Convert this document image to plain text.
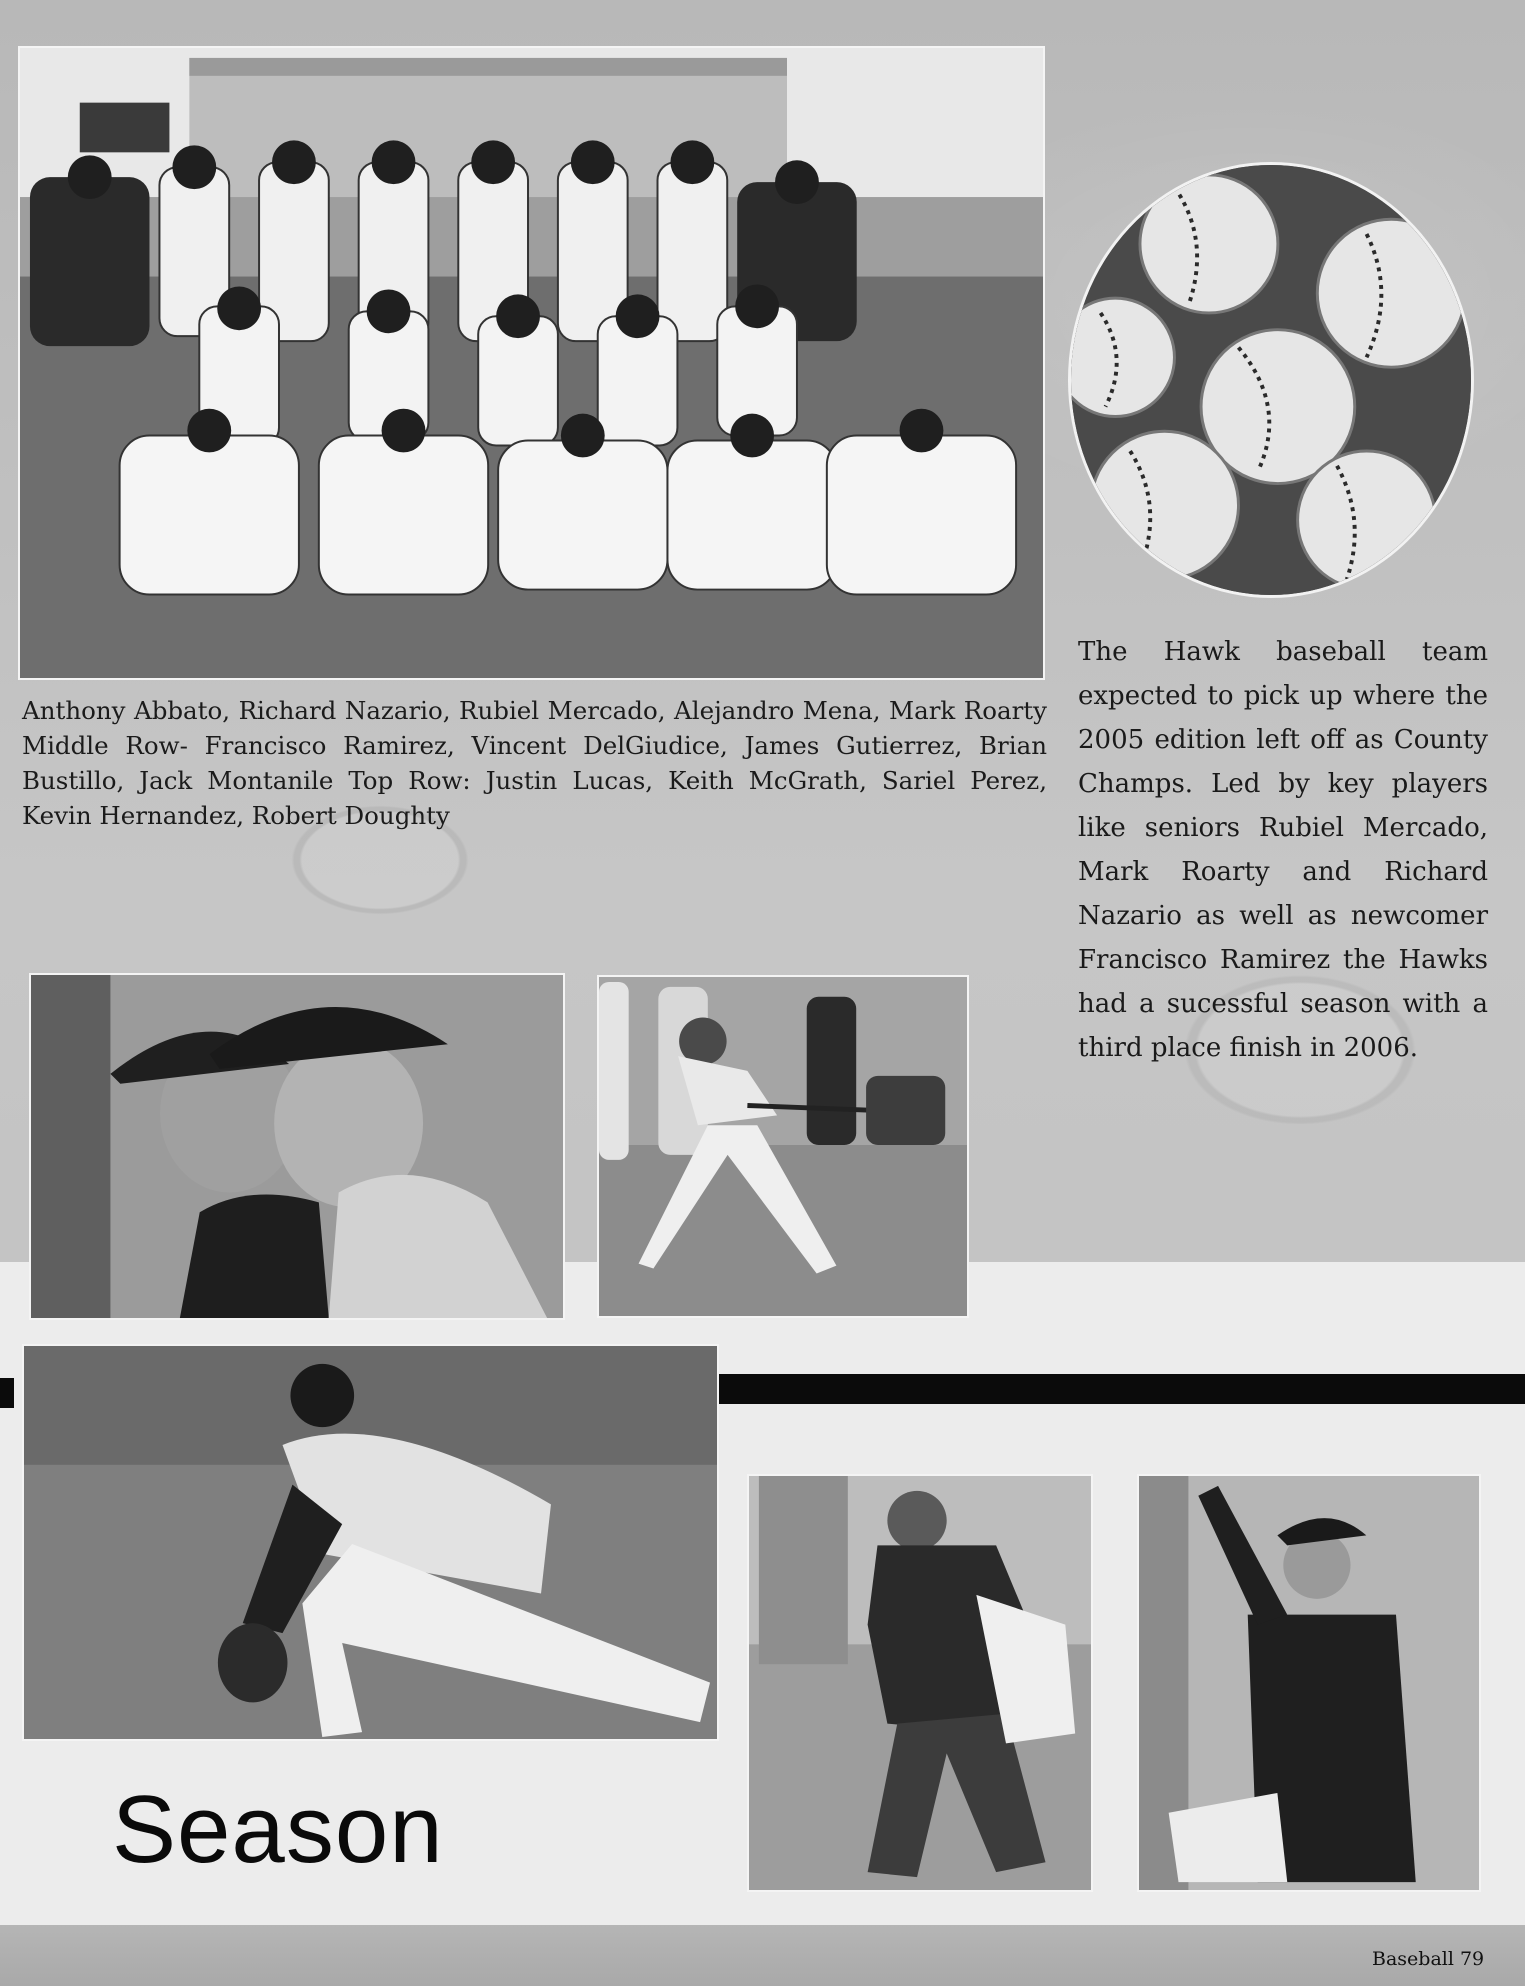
Anthony Abbato, Richard Nazario, Rubiel Mercado, Alejandro Mena, Mark Roarty Middle Row- Francisco Ramirez, Vincent DelGiudice, James Gutierrez, Brian Bustillo, Jack Montanile Top Row: Justin Lucas, Keith McGrath, Sariel Perez, Kevin Hernandez, Robert Doughty
The Hawk baseball team expected to pick up where the 2005 edition left off as County Champs. Led by key players like seniors Rubiel Mercado, Mark Roarty and Richard Nazario as well as newcomer Francisco Ramirez the Hawks had a sucessful season with a third place finish in 2006.
Season
Baseball 79
